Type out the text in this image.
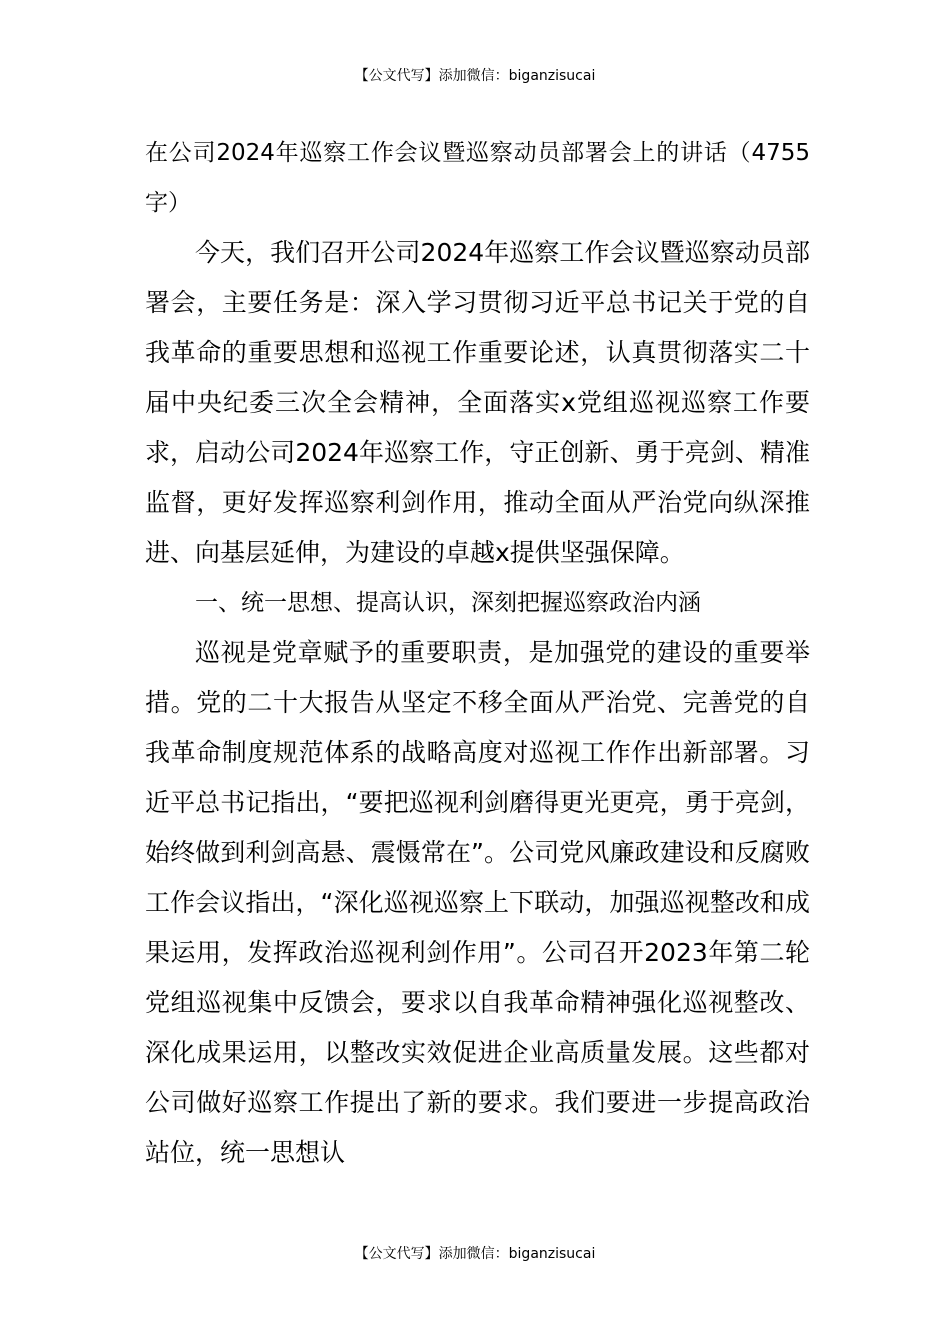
【公文代写】添加微信：biganzisucai
在公司2024年巡察工作会议暨巡察动员部署会上的讲话（4755字）
今天，我们召开公司2024年巡察工作会议暨巡察动员部署会，主要任务是：深入学习贯彻习近平总书记关于党的自我革命的重要思想和巡视工作重要论述，认真贯彻落实二十届中央纪委三次全会精神，全面落实x党组巡视巡察工作要求，启动公司2024年巡察工作，守正创新、勇于亮剑、精准监督，更好发挥巡察利剑作用，推动全面从严治党向纵深推进、向基层延伸，为建设的卓越x提供坚强保障。
一、统一思想、提高认识，深刻把握巡察政治内涵
巡视是党章赋予的重要职责，是加强党的建设的重要举措。党的二十大报告从坚定不移全面从严治党、完善党的自我革命制度规范体系的战略高度对巡视工作作出新部署。习近平总书记指出，“要把巡视利剑磨得更光更亮，勇于亮剑，始终做到利剑高悬、震慑常在”。公司党风廉政建设和反腐败工作会议指出，“深化巡视巡察上下联动，加强巡视整改和成果运用，发挥政治巡视利剑作用”。公司召开2023年第二轮党组巡视集中反馈会，要求以自我革命精神强化巡视整改、深化成果运用，以整改实效促进企业高质量发展。这些都对公司做好巡察工作提出了新的要求。我们要进一步提高政治站位，统一思想认
【公文代写】添加微信：biganzisucai
